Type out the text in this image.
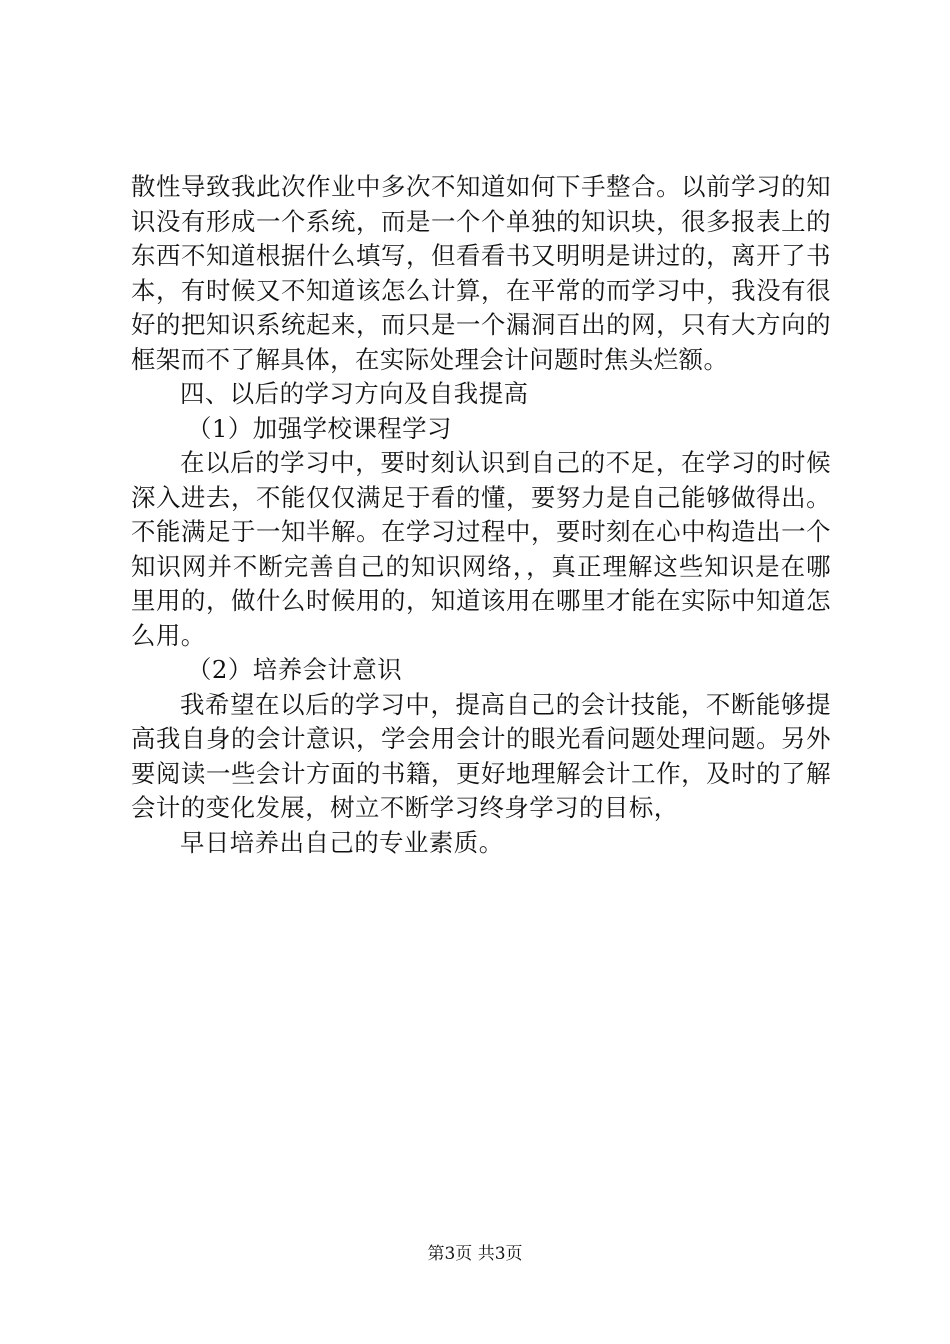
散性导致我此次作业中多次不知道如何下手整合。以前学习的知识没有形成一个系统，而是一个个单独的知识块，很多报表上的东西不知道根据什么填写，但看看书又明明是讲过的，离开了书本，有时候又不知道该怎么计算，在平常的而学习中，我没有很好的把知识系统起来，而只是一个漏洞百出的网，只有大方向的框架而不了解具体，在实际处理会计问题时焦头烂额。

四、以后的学习方向及自我提高

（1）加强学校课程学习

在以后的学习中，要时刻认识到自己的不足，在学习的时候深入进去，不能仅仅满足于看的懂，要努力是自己能够做得出。不能满足于一知半解。在学习过程中，要时刻在心中构造出一个知识网并不断完善自己的知识网络，，真正理解这些知识是在哪里用的，做什么时候用的，知道该用在哪里才能在实际中知道怎么用。

（2）培养会计意识

我希望在以后的学习中，提高自己的会计技能，不断能够提高我自身的会计意识，学会用会计的眼光看问题处理问题。另外要阅读一些会计方面的书籍，更好地理解会计工作，及时的了解会计的变化发展，树立不断学习终身学习的目标，

早日培养出自己的专业素质。

第3页 共3页
